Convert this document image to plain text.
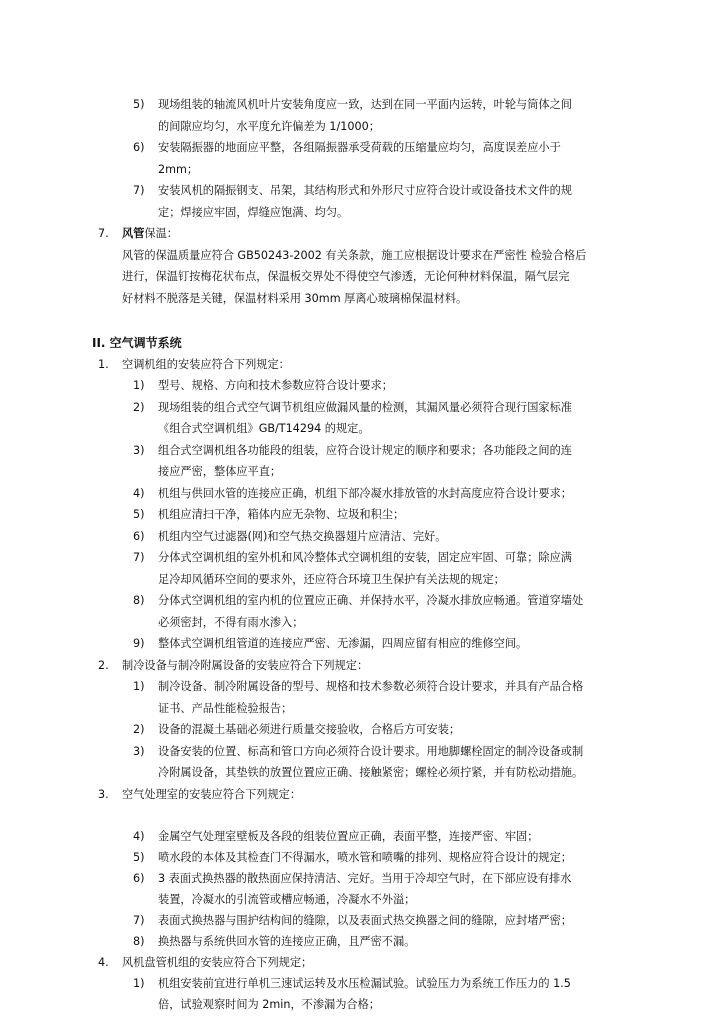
5) 现场组装的轴流风机叶片安装角度应一致，达到在同一平面内运转，叶轮与筒体之间
的间隙应均匀，水平度允许偏差为 1/1000；
6) 安装隔振器的地面应平整，各组隔振器承受荷载的压缩量应均匀，高度误差应小于
2mm；
7) 安装风机的隔振钢支、吊架，其结构形式和外形尺寸应符合设计或设备技术文件的规
定；焊接应牢固，焊缝应饱满、均匀。
7. 风管保温：
风管的保温质量应符合 GB50243-2002 有关条款，施工应根据设计要求在严密性 检验合格后
进行，保温钉按梅花状布点，保温板交界处不得使空气渗透，无论何种材料保温，隔气层完
好材料不脱落是关键，保温材料采用 30mm 厚离心玻璃棉保温材料。
II. 空气调节系统
1. 空调机组的安装应符合下列规定：
1) 型号、规格、方向和技术参数应符合设计要求；
2) 现场组装的组合式空气调节机组应做漏风量的检测，其漏风量必须符合现行国家标准
《组合式空调机组》GB/T14294 的规定。
3) 组合式空调机组各功能段的组装，应符合设计规定的顺序和要求；各功能段之间的连
接应严密，整体应平直；
4) 机组与供回水管的连接应正确，机组下部冷凝水排放管的水封高度应符合设计要求；
5) 机组应清扫干净，箱体内应无杂物、垃圾和积尘；
6) 机组内空气过滤器(网)和空气热交换器翅片应清洁、完好。
7) 分体式空调机组的室外机和风冷整体式空调机组的安装，固定应牢固、可靠；除应满
足冷却风循环空间的要求外，还应符合环境卫生保护有关法规的规定；
8) 分体式空调机组的室内机的位置应正确、并保持水平，冷凝水排放应畅通。管道穿墙处
必须密封，不得有雨水渗入；
9) 整体式空调机组管道的连接应严密、无渗漏，四周应留有相应的维修空间。
2. 制冷设备与制冷附属设备的安装应符合下列规定：
1) 制冷设备、制冷附属设备的型号、规格和技术参数必须符合设计要求，并具有产品合格
证书、产品性能检验报告；
2) 设备的混凝土基础必须进行质量交接验收，合格后方可安装；
3) 设备安装的位置、标高和管口方向必须符合设计要求。用地脚螺栓固定的制冷设备或制
冷附属设备，其垫铁的放置位置应正确、接触紧密；螺栓必须拧紧，并有防松动措施。
3. 空气处理室的安装应符合下列规定：
4) 金属空气处理室壁板及各段的组装位置应正确，表面平整，连接严密、牢固；
5) 喷水段的本体及其检查门不得漏水，喷水管和喷嘴的排列、规格应符合设计的规定；
6) 3 表面式换热器的散热面应保持清洁、完好。当用于冷却空气时，在下部应设有排水
装置，冷凝水的引流管或槽应畅通，冷凝水不外溢；
7) 表面式换热器与围护结构间的缝隙，以及表面式热交换器之间的缝隙，应封堵严密；
8) 换热器与系统供回水管的连接应正确，且严密不漏。
4. 风机盘管机组的安装应符合下列规定；
1) 机组安装前宜进行单机三速试运转及水压检漏试验。试验压力为系统工作压力的 1.5
倍，试验观察时间为 2min，不渗漏为合格；
